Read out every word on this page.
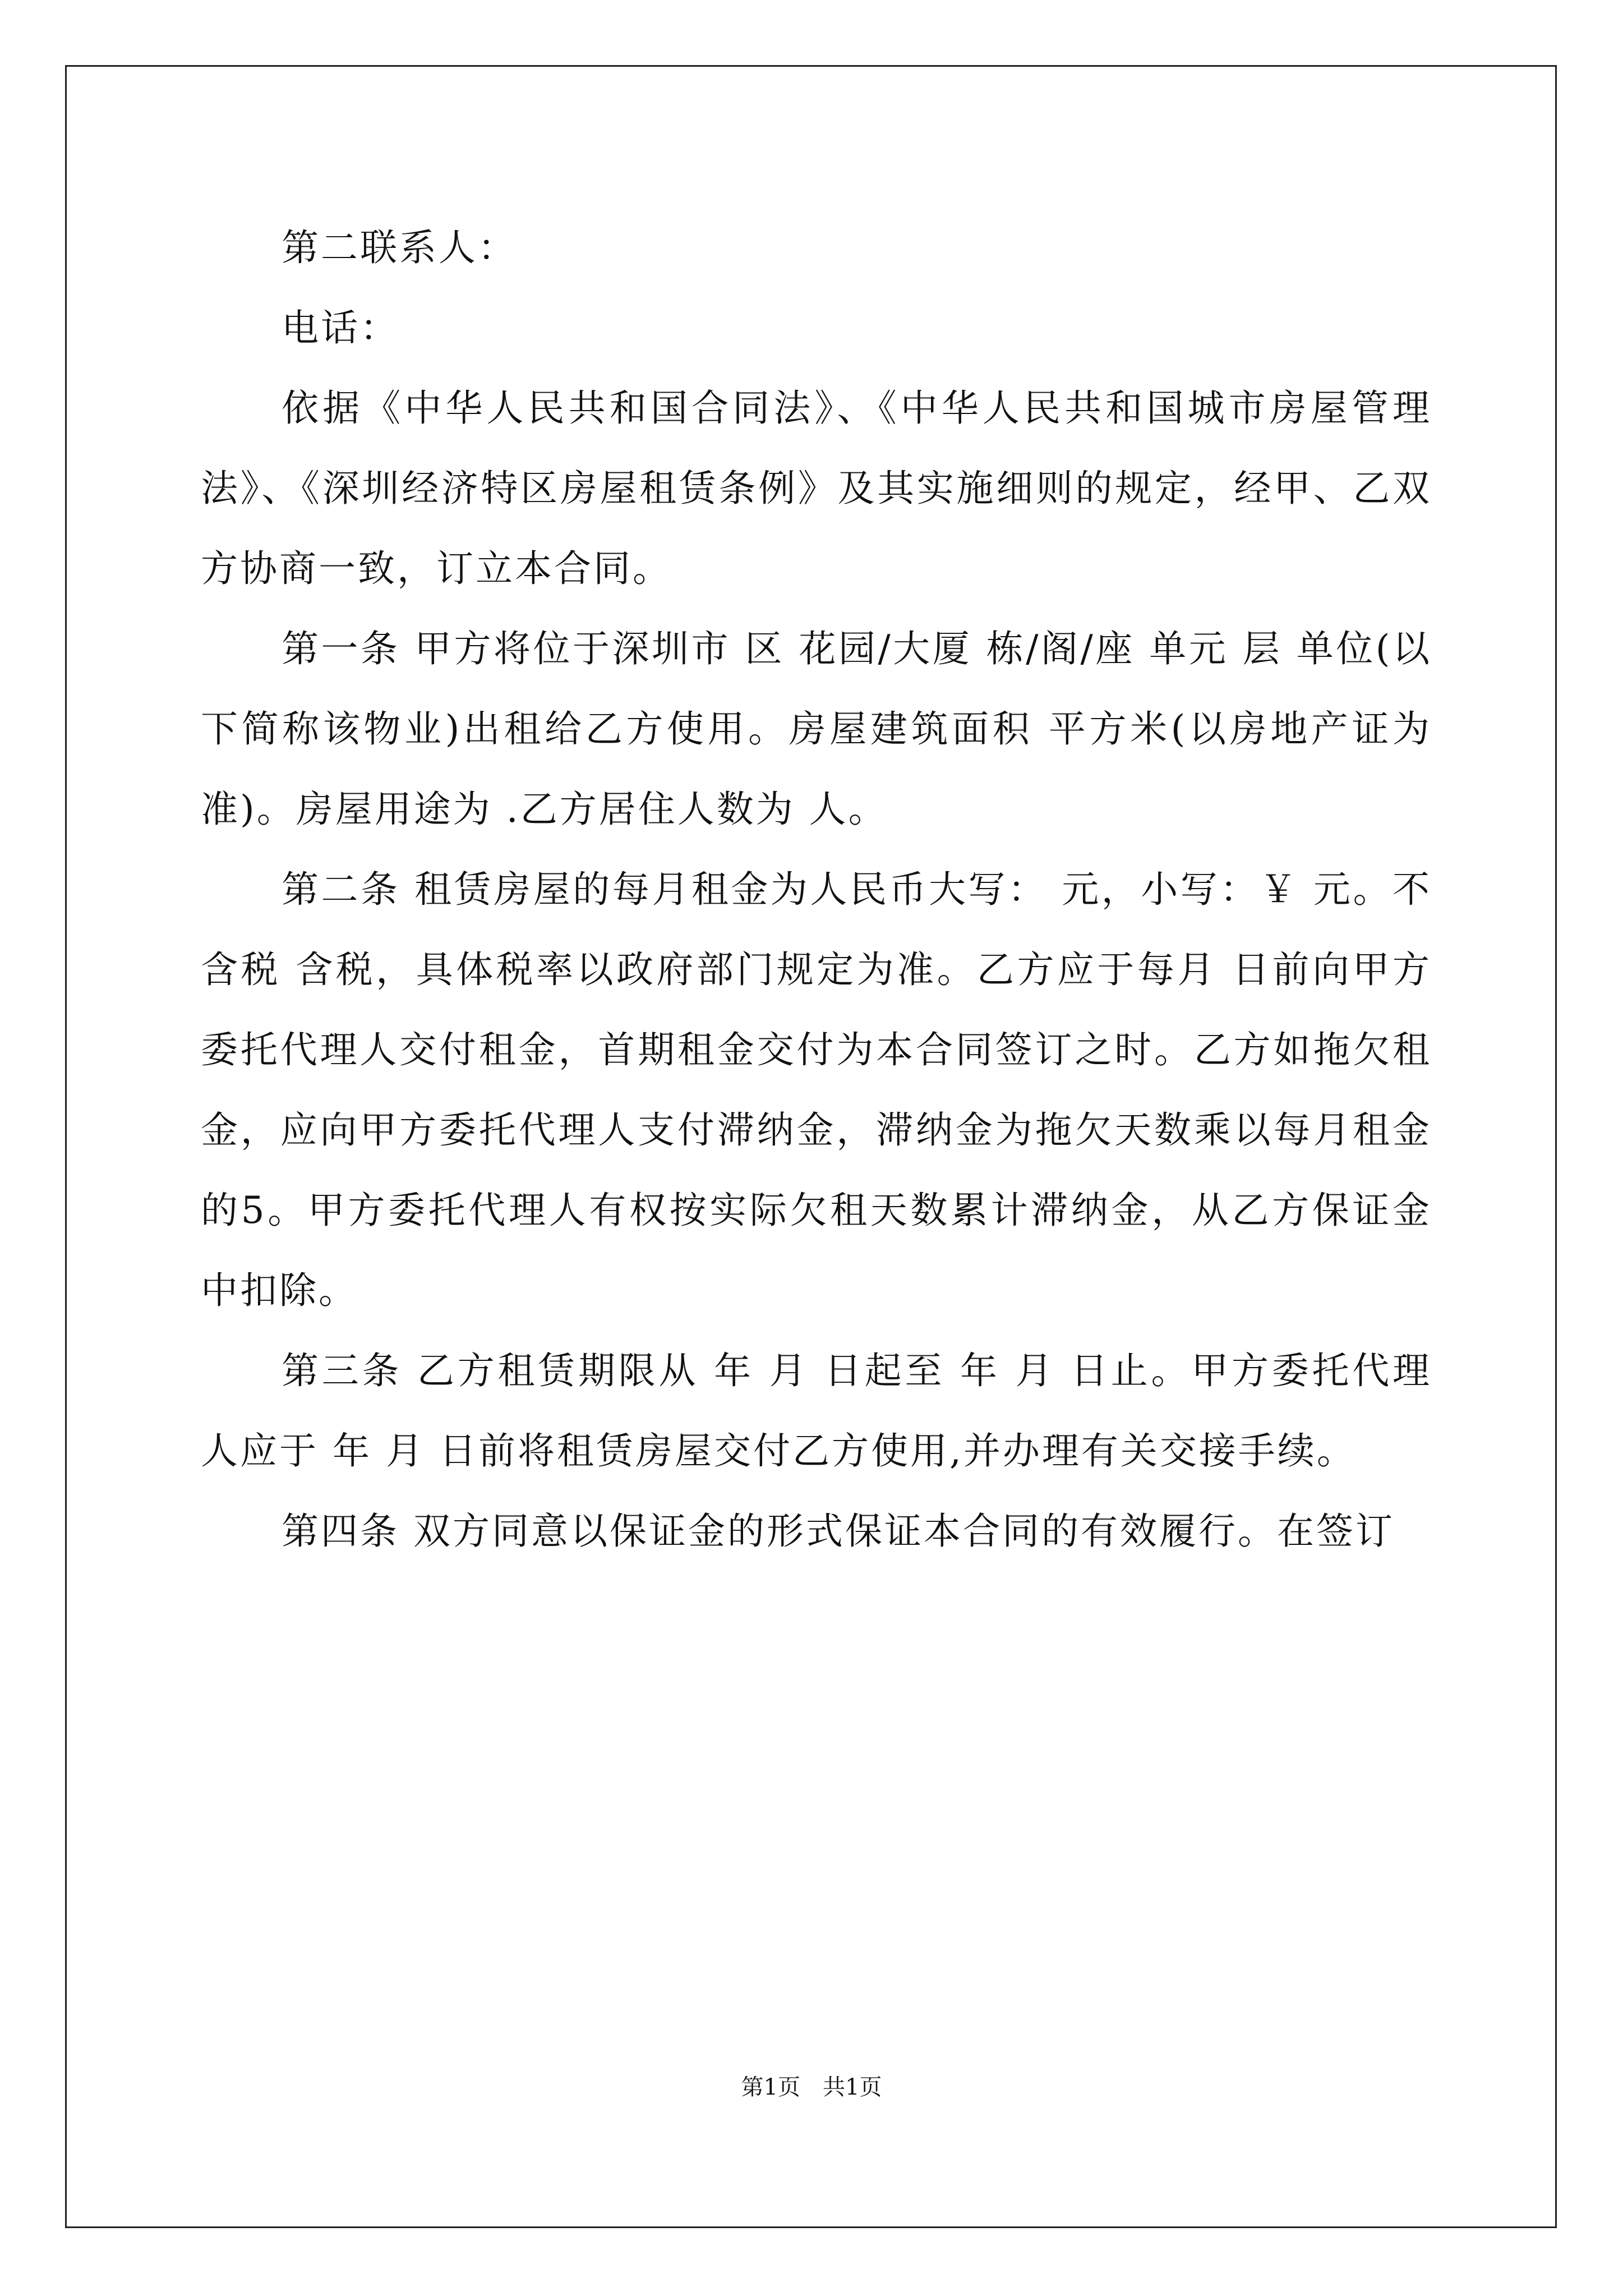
第二联系人：

电话：

依据《中华人民共和国合同法》、《中华人民共和国城市房屋管理法》、《深圳经济特区房屋租赁条例》及其实施细则的规定，经甲、乙双方协商一致，订立本合同。

第一条 甲方将位于深圳市 区 花园/大厦 栋/阁/座 单元 层 单位(以下简称该物业)出租给乙方使用。房屋建筑面积 平方米(以房地产证为准)。房屋用途为 .乙方居住人数为 人。

第二条 租赁房屋的每月租金为人民币大写： 元，小写：￥ 元。不含税 含税，具体税率以政府部门规定为准。乙方应于每月 日前向甲方委托代理人交付租金，首期租金交付为本合同签订之时。乙方如拖欠租金，应向甲方委托代理人支付滞纳金，滞纳金为拖欠天数乘以每月租金的5。甲方委托代理人有权按实际欠租天数累计滞纳金，从乙方保证金中扣除。

第三条 乙方租赁期限从 年 月 日起至 年 月 日止。甲方委托代理人应于 年 月 日前将租赁房屋交付乙方使用,并办理有关交接手续。

第四条 双方同意以保证金的形式保证本合同的有效履行。在签订

第1页　共1页
